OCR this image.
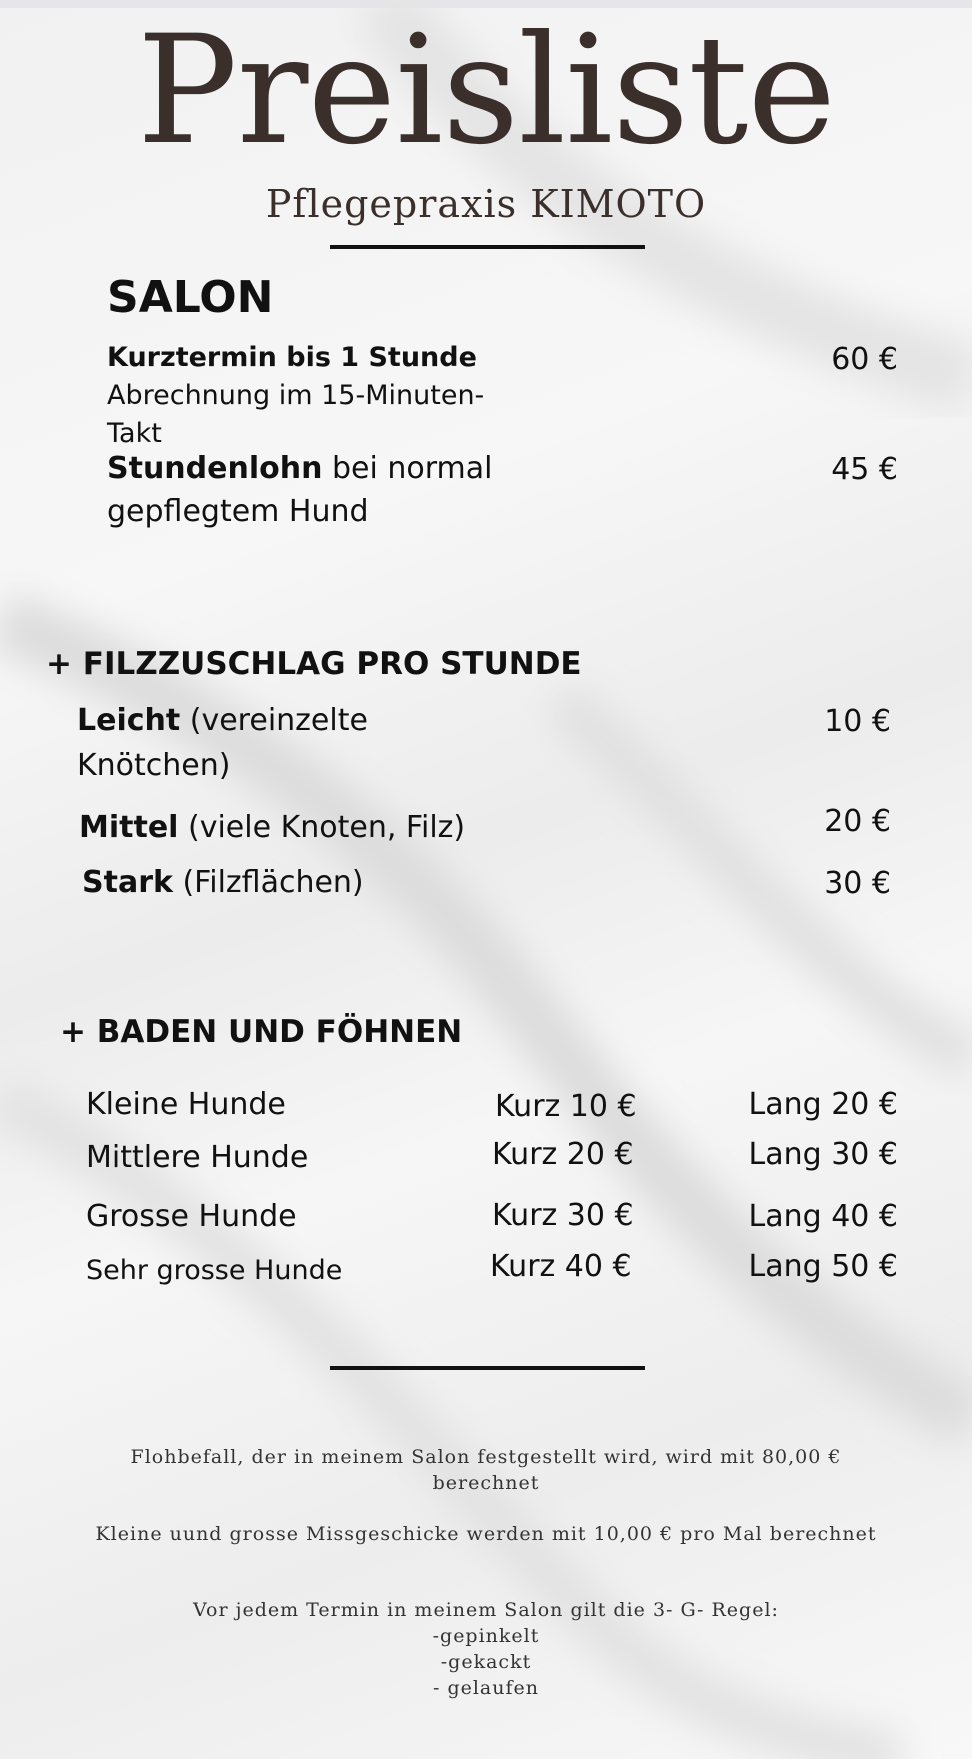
Preisliste
Pflegepraxis KIMOTO
SALON
Kurztermin bis 1 Stunde
Abrechnung im 15-Minuten-
Takt
60 €
Stundenlohn bei normal
gepflegtem Hund
45 €
+ FILZZUSCHLAG PRO STUNDE
Leicht (vereinzelte
Knötchen)
10 €
Mittel (viele Knoten, Filz)	20 €
Stark (Filzflächen)	30 €
+ BADEN UND FÖHNEN
Kleine Hunde	Kurz 10 €	Lang 20 €
Mittlere Hunde	Kurz 20 €	Lang 30 €
Grosse Hunde	Kurz 30 €	Lang 40 €
Sehr grosse Hunde	Kurz 40 €	Lang 50 €
Flohbefall, der in meinem Salon festgestellt wird, wird mit 80,00 €
berechnet
Kleine uund grosse Missgeschicke werden mit 10,00 € pro Mal berechnet
Vor jedem Termin in meinem Salon gilt die 3- G- Regel:
-gepinkelt
-gekackt
- gelaufen
